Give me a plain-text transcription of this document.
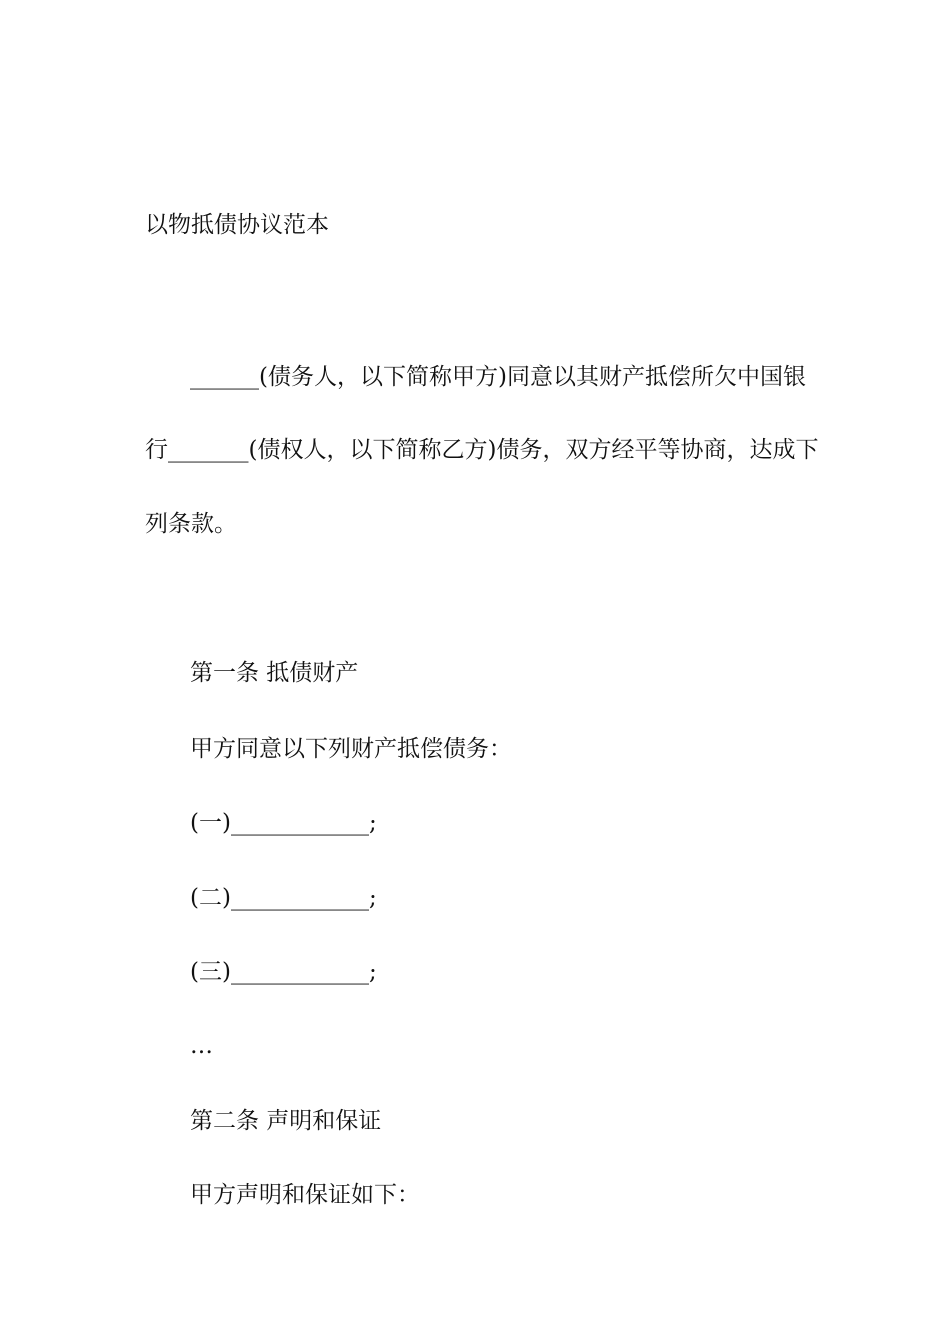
以物抵债协议范本

______(债务人，以下简称甲方)同意以其财产抵偿所欠中国银

行_______(债权人，以下简称乙方)债务，双方经平等协商，达成下

列条款。

第一条 抵债财产

甲方同意以下列财产抵偿债务：

(一)____________;

(二)____________;

(三)____________;

…

第二条 声明和保证

甲方声明和保证如下：
